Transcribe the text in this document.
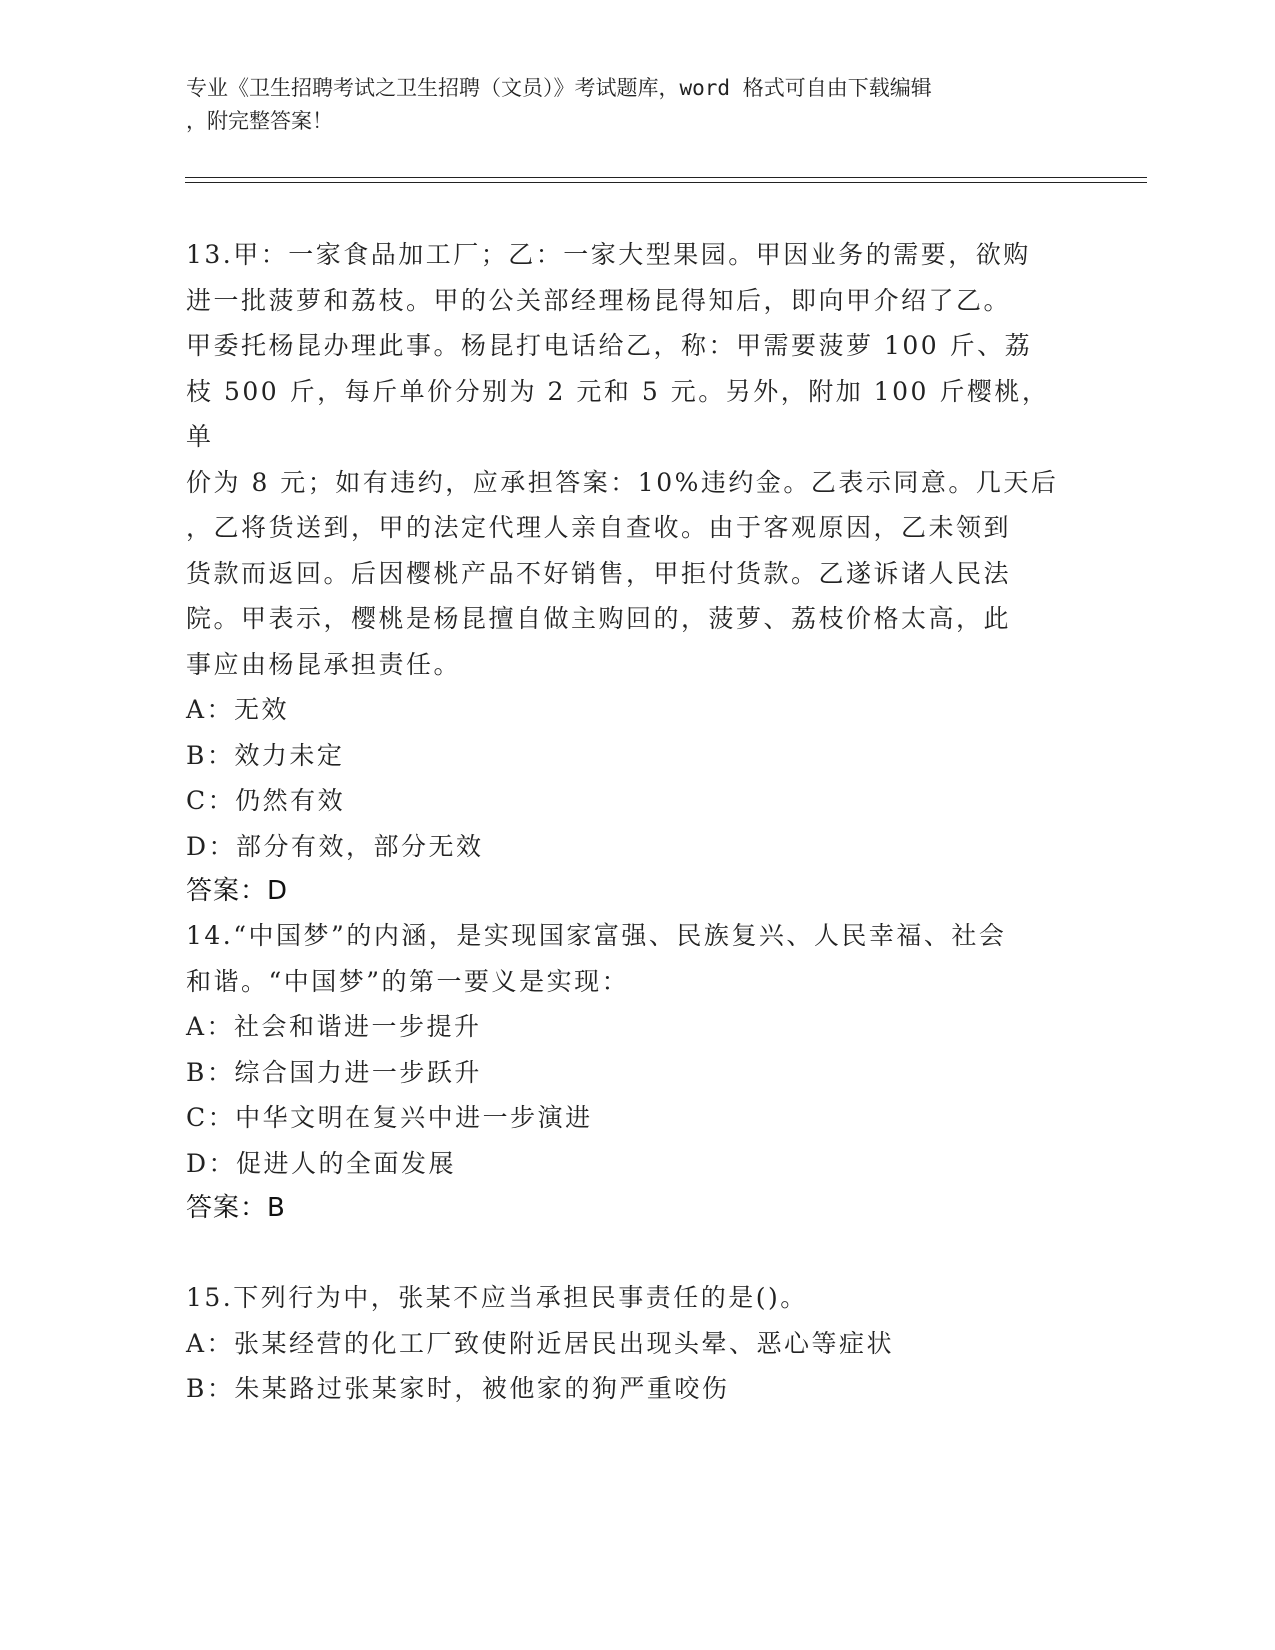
专业《卫生招聘考试之卫生招聘（文员）》考试题库，word 格式可自由下载编辑
，附完整答案！

13.甲：一家食品加工厂；乙：一家大型果园。甲因业务的需要，欲购

进一批菠萝和荔枝。甲的公关部经理杨昆得知后，即向甲介绍了乙。

甲委托杨昆办理此事。杨昆打电话给乙，称：甲需要菠萝 100 斤、荔

枝 500 斤，每斤单价分别为 2 元和 5 元。另外，附加 100 斤樱桃，单

价为 8 元；如有违约，应承担答案：10%违约金。乙表示同意。几天后

，乙将货送到，甲的法定代理人亲自查收。由于客观原因，乙未领到

货款而返回。后因樱桃产品不好销售，甲拒付货款。乙遂诉诸人民法

院。甲表示，樱桃是杨昆擅自做主购回的，菠萝、荔枝价格太高，此

事应由杨昆承担责任。

A：无效

B：效力未定

C：仍然有效

D：部分有效，部分无效

答案：D

14.“中国梦”的内涵，是实现国家富强、民族复兴、人民幸福、社会

和谐。“中国梦”的第一要义是实现：

A：社会和谐进一步提升

B：综合国力进一步跃升

C：中华文明在复兴中进一步演进

D：促进人的全面发展

答案：B

15.下列行为中，张某不应当承担民事责任的是()。

A：张某经营的化工厂致使附近居民出现头晕、恶心等症状

B：朱某路过张某家时，被他家的狗严重咬伤
